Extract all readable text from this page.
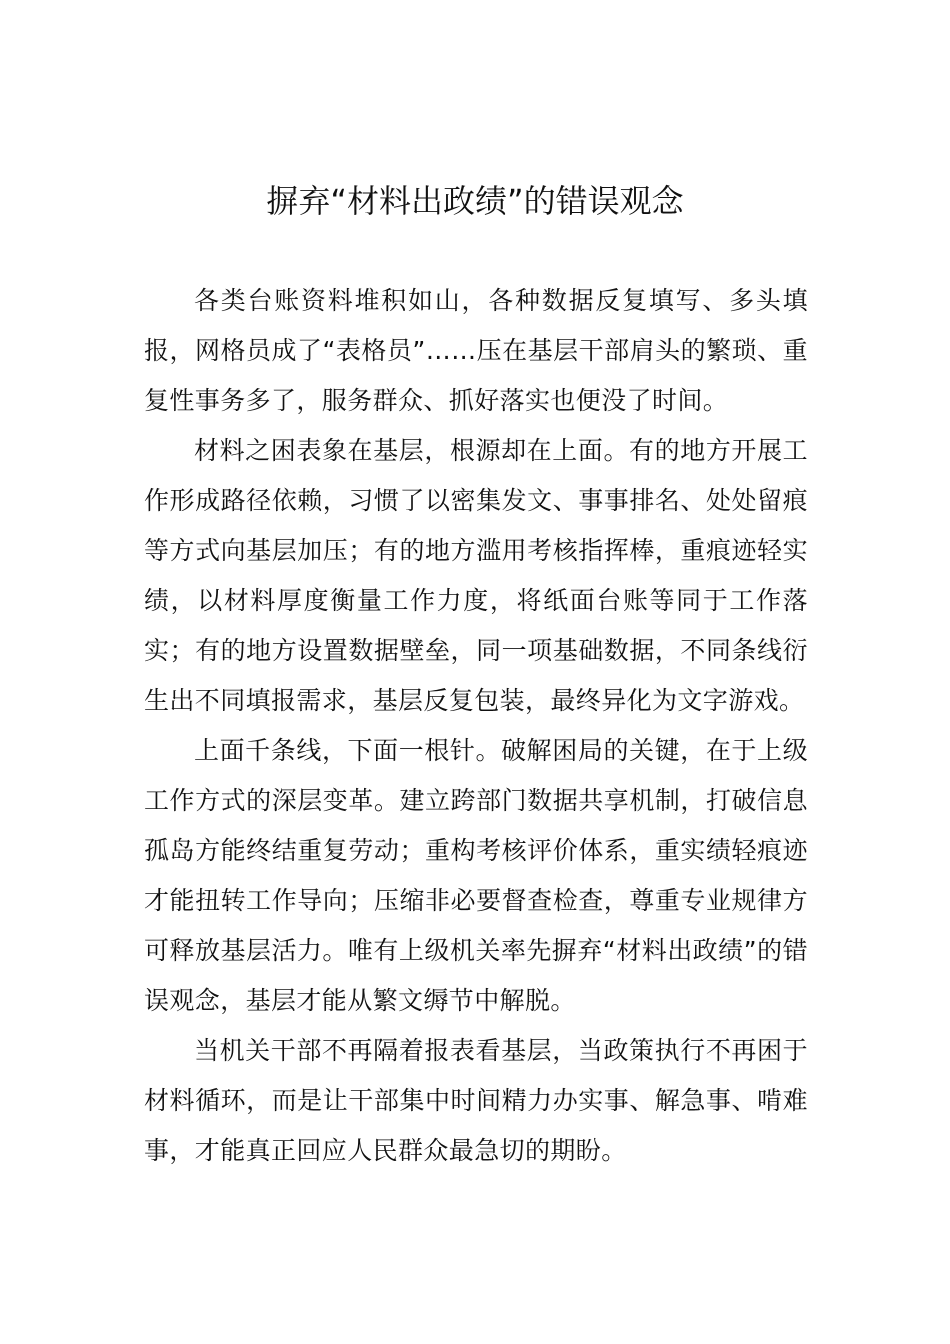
摒弃“材料出政绩”的错误观念

各类台账资料堆积如山，各种数据反复填写、多头填报，网格员成了“表格员”……压在基层干部肩头的繁琐、重复性事务多了，服务群众、抓好落实也便没了时间。

材料之困表象在基层，根源却在上面。有的地方开展工作形成路径依赖，习惯了以密集发文、事事排名、处处留痕等方式向基层加压；有的地方滥用考核指挥棒，重痕迹轻实绩，以材料厚度衡量工作力度，将纸面台账等同于工作落实；有的地方设置数据壁垒，同一项基础数据，不同条线衍生出不同填报需求，基层反复包装，最终异化为文字游戏。

上面千条线，下面一根针。破解困局的关键，在于上级工作方式的深层变革。建立跨部门数据共享机制，打破信息孤岛方能终结重复劳动；重构考核评价体系，重实绩轻痕迹才能扭转工作导向；压缩非必要督查检查，尊重专业规律方可释放基层活力。唯有上级机关率先摒弃“材料出政绩”的错误观念，基层才能从繁文缛节中解脱。

当机关干部不再隔着报表看基层，当政策执行不再困于材料循环，而是让干部集中时间精力办实事、解急事、啃难事，才能真正回应人民群众最急切的期盼。
